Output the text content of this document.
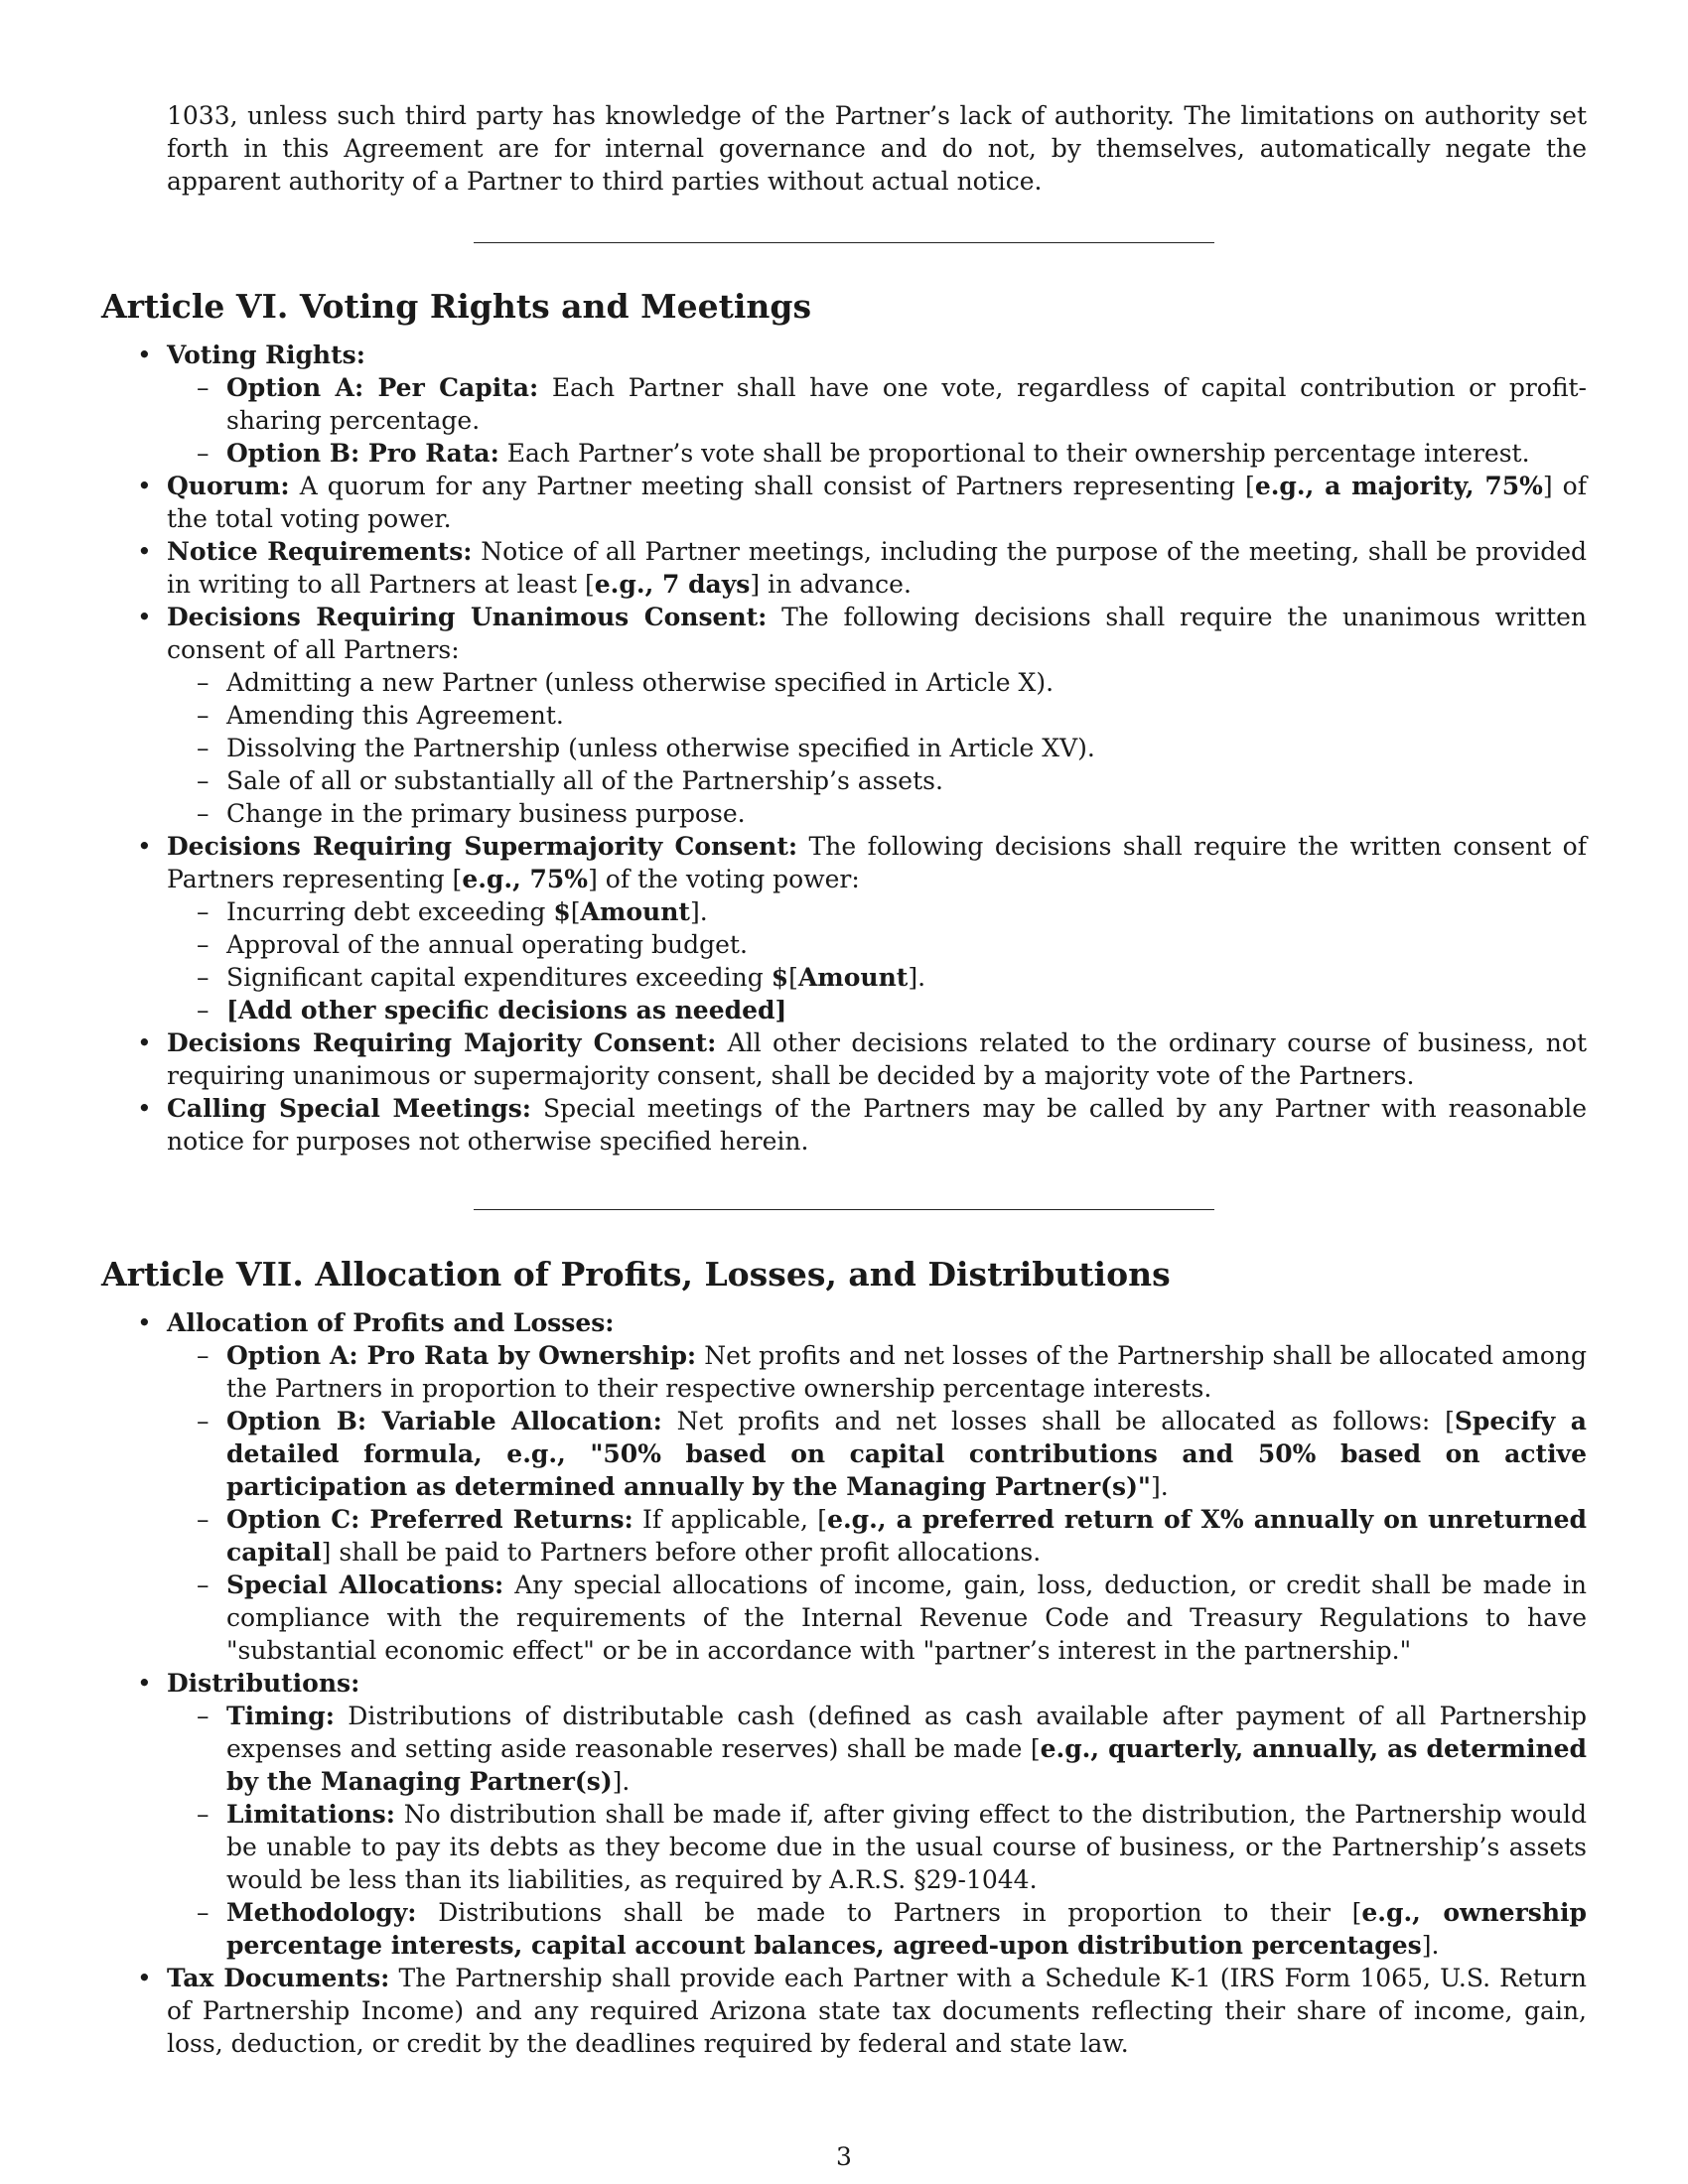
1033, unless such third party has knowledge of the Partner’s lack of authority. The limitations on authority set forth in this Agreement are for internal governance and do not, by themselves, automatically negate the apparent authority of a Partner to third parties without actual notice.

Article VI. Voting Rights and Meetings
• Voting Rights:
– Option A: Per Capita: Each Partner shall have one vote, regardless of capital contribution or profit-sharing percentage.
– Option B: Pro Rata: Each Partner’s vote shall be proportional to their ownership percentage interest.
• Quorum: A quorum for any Partner meeting shall consist of Partners representing [e.g., a majority, 75%] of the total voting power.
• Notice Requirements: Notice of all Partner meetings, including the purpose of the meeting, shall be provided in writing to all Partners at least [e.g., 7 days] in advance.
• Decisions Requiring Unanimous Consent: The following decisions shall require the unanimous written consent of all Partners:
– Admitting a new Partner (unless otherwise specified in Article X).
– Amending this Agreement.
– Dissolving the Partnership (unless otherwise specified in Article XV).
– Sale of all or substantially all of the Partnership’s assets.
– Change in the primary business purpose.
• Decisions Requiring Supermajority Consent: The following decisions shall require the written consent of Partners representing [e.g., 75%] of the voting power:
– Incurring debt exceeding $[Amount].
– Approval of the annual operating budget.
– Significant capital expenditures exceeding $[Amount].
– [Add other specific decisions as needed]
• Decisions Requiring Majority Consent: All other decisions related to the ordinary course of business, not requiring unanimous or supermajority consent, shall be decided by a majority vote of the Partners.
• Calling Special Meetings: Special meetings of the Partners may be called by any Partner with reasonable notice for purposes not otherwise specified herein.
Article VII. Allocation of Profits, Losses, and Distributions
• Allocation of Profits and Losses:
– Option A: Pro Rata by Ownership: Net profits and net losses of the Partnership shall be allocated among the Partners in proportion to their respective ownership percentage interests.
– Option B: Variable Allocation: Net profits and net losses shall be allocated as follows: [Specify a detailed formula, e.g., "50% based on capital contributions and 50% based on active participation as determined annually by the Managing Partner(s)"].
– Option C: Preferred Returns: If applicable, [e.g., a preferred return of X% annually on unreturned capital] shall be paid to Partners before other profit allocations.
– Special Allocations: Any special allocations of income, gain, loss, deduction, or credit shall be made in compliance with the requirements of the Internal Revenue Code and Treasury Regulations to have "substantial economic effect" or be in accordance with "partner’s interest in the partnership."
• Distributions:
– Timing: Distributions of distributable cash (defined as cash available after payment of all Partnership expenses and setting aside reasonable reserves) shall be made [e.g., quarterly, annually, as determined by the Managing Partner(s)].
– Limitations: No distribution shall be made if, after giving effect to the distribution, the Partnership would be unable to pay its debts as they become due in the usual course of business, or the Partnership’s assets would be less than its liabilities, as required by A.R.S. §29-1044.
– Methodology: Distributions shall be made to Partners in proportion to their [e.g., ownership percentage interests, capital account balances, agreed-upon distribution percentages].
• Tax Documents: The Partnership shall provide each Partner with a Schedule K-1 (IRS Form 1065, U.S. Return of Partnership Income) and any required Arizona state tax documents reflecting their share of income, gain, loss, deduction, or credit by the deadlines required by federal and state law.
3
